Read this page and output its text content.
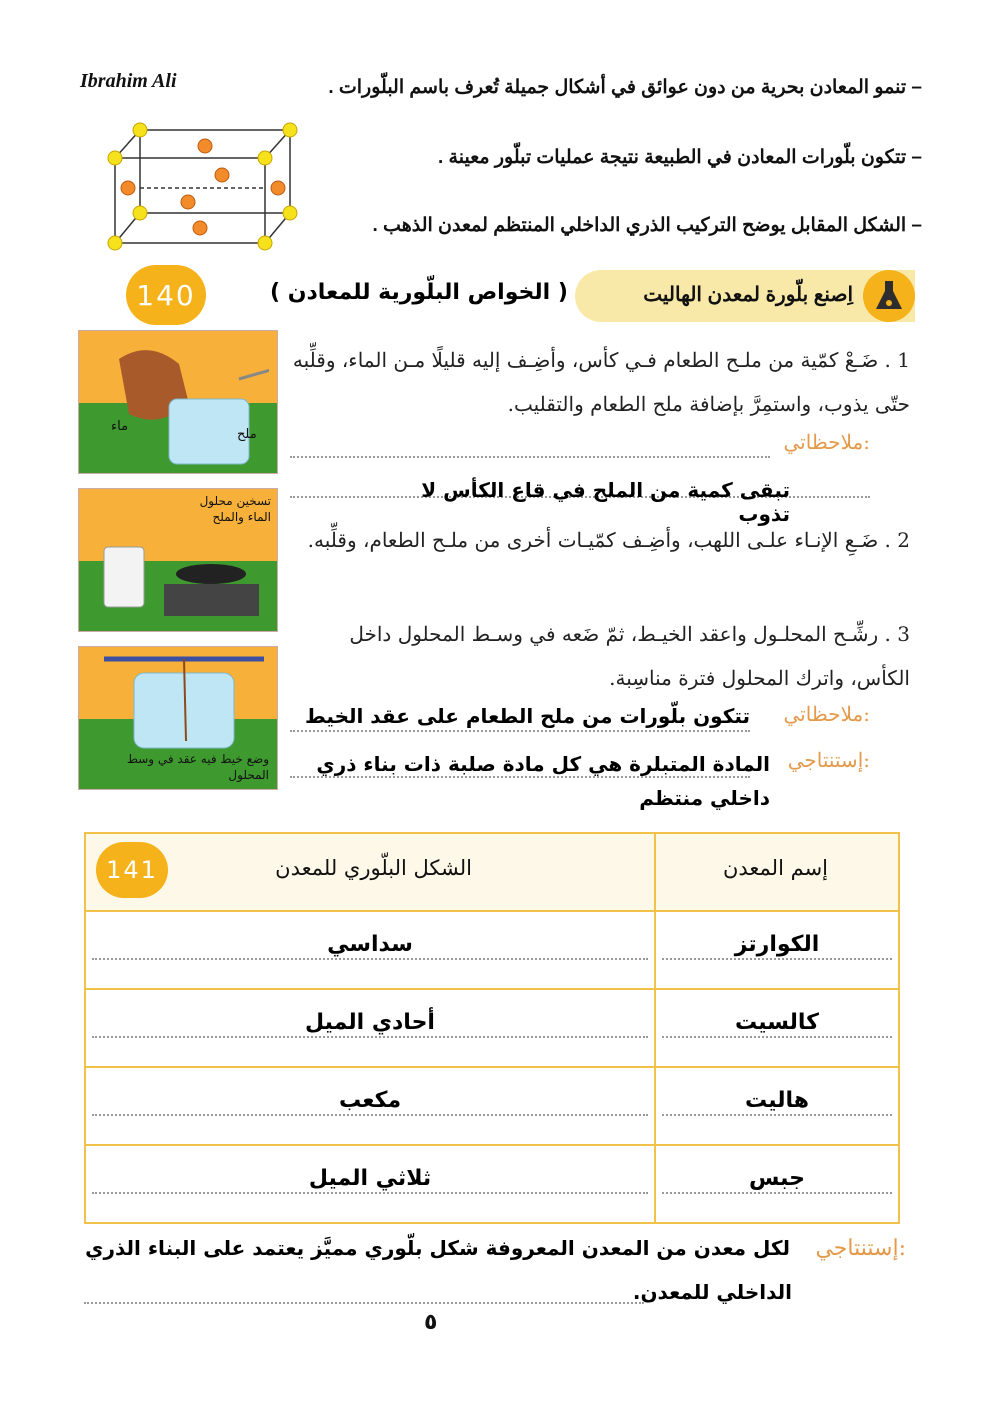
Ibrahim Ali	– تنمو المعادن بحرية من دون عوائق في أشكال جميلة تُعرف باسم البلّورات .
– تتكون بلّورات المعادن في الطبيعة نتيجة عمليات تبلّور معينة .
– الشكل المقابل يوضح التركيب الذري الداخلي المنتظم لمعدن الذهب .
140	اِصنع بلّورة لمعدن الهاليت
( الخواص البلّورية للمعادن )
ماء
ملح
تسخين محلول الماء والملح
وضع خيط فيه عقد في وسط المحلول
1 . ضَـعْ كمّية من ملـح الطعام فـي كأس، وأضِـف إليه قليلًا مـن الماء، وقلِّبه حتّى يذوب، واستمِرَّ بإضافة ملح الطعام والتقليب.
ملاحظاتي:
تبقى كمية من الملح في قاع الكأس لا تذوب
2 . ضَـعِ الإنـاء علـى اللهب، وأضِـف كمّيـات أخرى من ملـح الطعام، وقلِّبه.
3 . رشِّـح المحلـول واعقد الخيـط، ثمّ ضَعه في وسـط المحلول داخل الكأس، واترك المحلول فترة مناسِبة.
ملاحظاتي:
تتكون بلّورات من ملح الطعام على عقد الخيط
إستنتاجي:
المادة المتبلرة هي كل مادة صلبة ذات بناء ذري
داخلي منتظم
141 الشكل البلّوري للمعدن	إسم المعدن

سداسي	الكوارتز

أحادي الميل	كالسيت

مكعب	هاليت

ثلاثي الميل	جبس
إستنتاجي:
لكل معدن من المعدن المعروفة شكل بلّوري مميَّز يعتمد على البناء الذري
الداخلي للمعدن.
٥
